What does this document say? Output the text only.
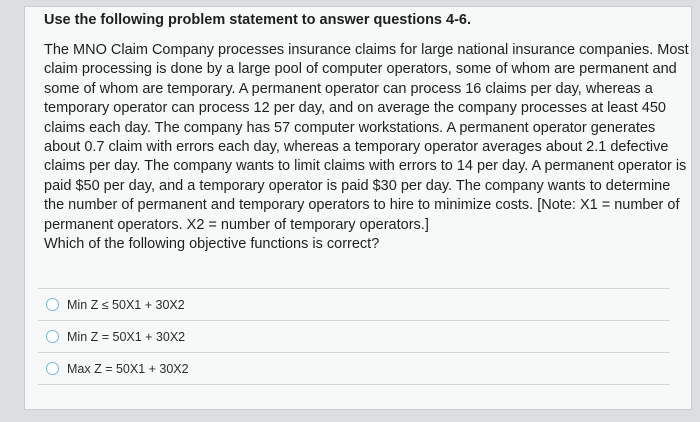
Use the following problem statement to answer questions 4-6.
The MNO Claim Company processes insurance claims for large national insurance companies. Most
claim processing is done by a large pool of computer operators, some of whom are permanent and
some of whom are temporary. A permanent operator can process 16 claims per day, whereas a
temporary operator can process 12 per day, and on average the company processes at least 450
claims each day. The company has 57 computer workstations. A permanent operator generates
about 0.7 claim with errors each day, whereas a temporary operator averages about 2.1 defective
claims per day. The company wants to limit claims with errors to 14 per day. A permanent operator is
paid $50 per day, and a temporary operator is paid $30 per day. The company wants to determine
the number of permanent and temporary operators to hire to minimize costs. [Note: X1 = number of
permanent operators. X2 = number of temporary operators.]
Which of the following objective functions is correct?
Min Z ≤ 50X1 + 30X2
Min Z = 50X1 + 30X2
Max Z = 50X1 + 30X2
